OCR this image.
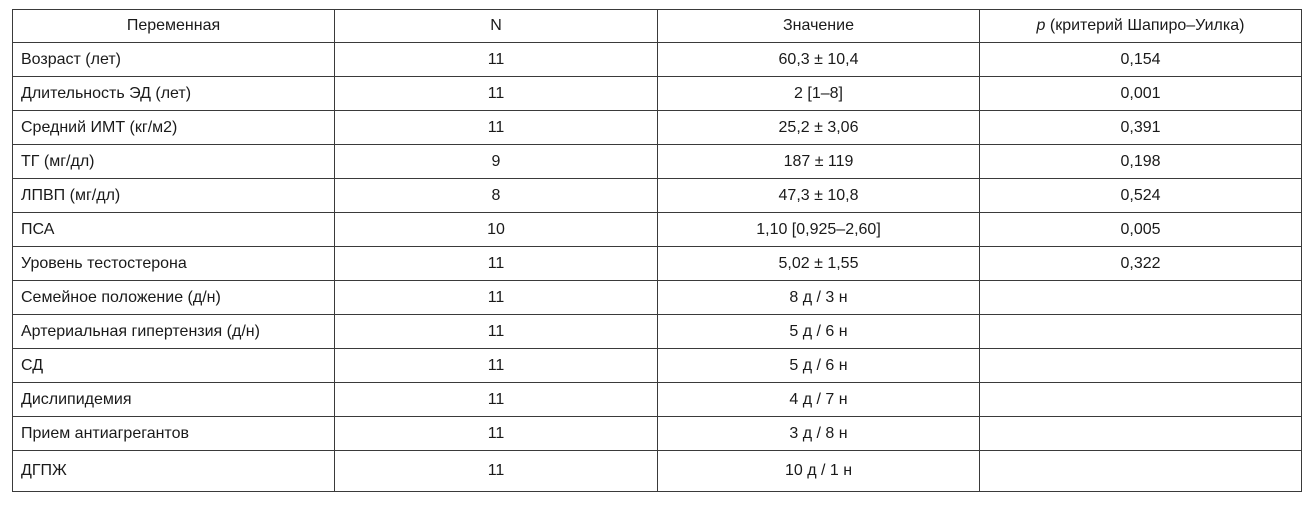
Переменная	N	Значение	p (критерий Шапиро–Уилка)
Возраст (лет)	11	60,3 ± 10,4	0,154
Длительность ЭД (лет)	11	2 [1–8]	0,001
Средний ИМТ (кг/м2)	11	25,2 ± 3,06	0,391
ТГ (мг/дл)	9	187 ± 119	0,198
ЛПВП (мг/дл)	8	47,3 ± 10,8	0,524
ПСА	10	1,10 [0,925–2,60]	0,005
Уровень тестостерона	11	5,02 ± 1,55	0,322
Семейное положение (д/н)	11	8 д / 3 н	
Артериальная гипертензия (д/н)	11	5 д / 6 н	
СД	11	5 д / 6 н	
Дислипидемия	11	4 д / 7 н	
Прием антиагрегантов	11	3 д / 8 н	
ДГПЖ	11	10 д / 1 н	
